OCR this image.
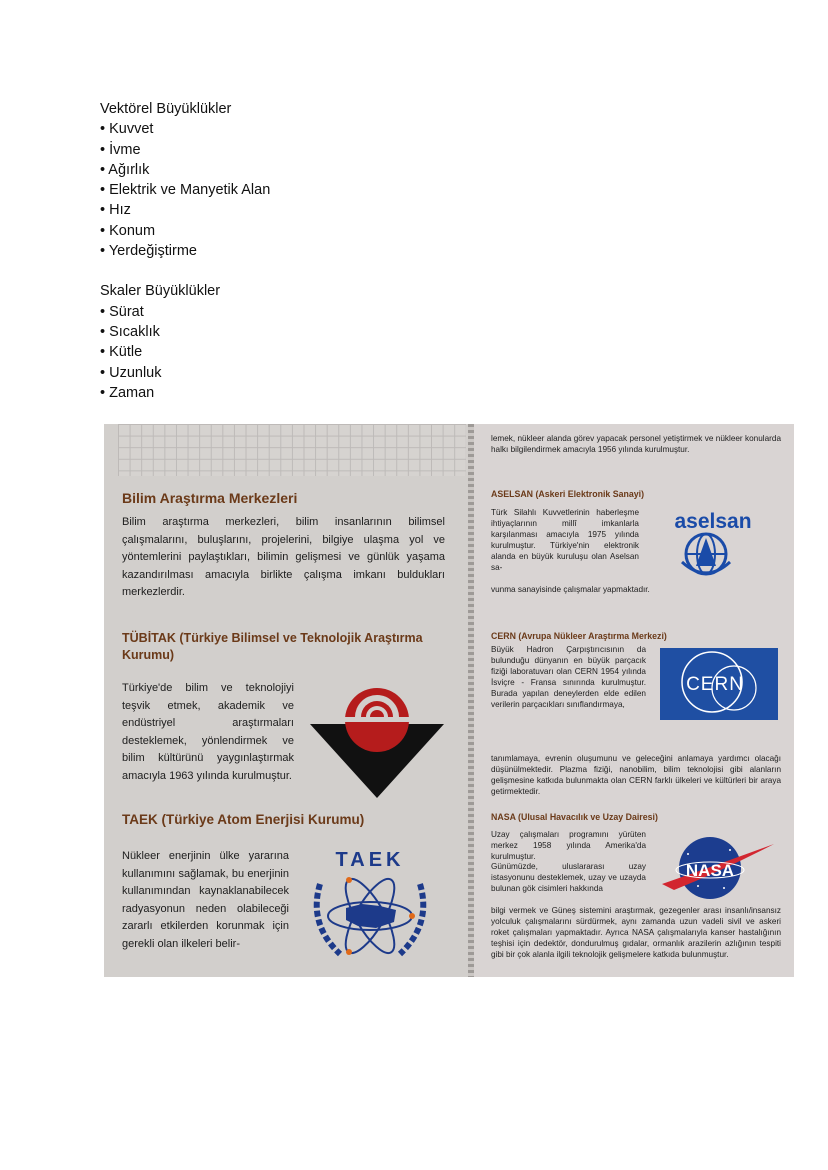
Vektörel Büyüklükler
• Kuvvet
• İvme
• Ağırlık
• Elektrik ve Manyetik Alan
• Hız
• Konum
• Yerdeğiştirme
Skaler Büyüklükler
• Sürat
• Sıcaklık
• Kütle
• Uzunluk
• Zaman
Bilim Araştırma Merkezleri
Bilim araştırma merkezleri, bilim insanlarının bilimsel çalışmalarını, buluşlarını, projelerini, bilgiye ulaşma yol ve yöntemlerini paylaştıkları, bilimin gelişmesi ve günlük yaşama kazandırılması amacıyla birlikte çalışma imkanı buldukları merkezlerdir.
TÜBİTAK (Türkiye Bilimsel ve Teknolojik Araştırma Kurumu)
Türkiye'de bilim ve teknolojiyi teşvik etmek, akademik ve endüstriyel araştırmaları desteklemek, yönlendirmek ve bilim kültürünü yaygınlaştırmak amacıyla 1963 yılında kurulmuştur.
TAEK (Türkiye Atom Enerjisi Kurumu)
Nükleer enerjinin ülke yararına kullanımını sağlamak, bu enerjinin kullanımından kaynaklanabilecek radyasyonun neden olabileceği zararlı etkilerden korunmak için gerekli olan ilkeleri belir-
TAEK
lemek, nükleer alanda görev yapacak personel yetiştirmek ve nükleer konularda halkı bilgilendirmek amacıyla 1956 yılında kurulmuştur.
ASELSAN (Askeri Elektronik Sanayi)
Türk Silahlı Kuvvetlerinin haberleşme ihtiyaçlarının millî imkanlarla karşılanması amacıyla 1975 yılında kurulmuştur. Türkiye'nin elektronik alanda en büyük kuruluşu olan Aselsan sa-
vunma sanayisinde çalışmalar yapmaktadır.
aselsan
CERN (Avrupa Nükleer Araştırma Merkezi)
Büyük Hadron Çarpıştırıcısının da bulunduğu dünyanın en büyük parçacık fiziği laboratuvarı olan CERN 1954 yılında İsviçre - Fransa sınırında kurulmuştur. Burada yapılan deneylerden elde edilen verilerin parçacıkları sınıflandırmaya,
tanımlamaya, evrenin oluşumunu ve geleceğini anlamaya yardımcı olacağı düşünülmektedir. Plazma fiziği, nanobilim, bilim teknolojisi gibi alanların gelişmesine katkıda bulunmakta olan CERN farklı ülkeleri ve kültürleri bir araya getirmektedir.
CERN
NASA (Ulusal Havacılık ve Uzay Dairesi)
Uzay çalışmaları programını yürüten merkez 1958 yılında Amerika'da kurulmuştur.
Günümüzde, uluslararası uzay istasyonunu desteklemek, uzay ve uzayda bulunan gök cisimleri hakkında
bilgi vermek ve Güneş sistemini araştırmak, gezegenler arası insanlı/insansız yolculuk çalışmalarını sürdürmek, aynı zamanda uzun vadeli sivil ve askeri roket çalışmaları yapmaktadır. Ayrıca NASA çalışmalarıyla kanser hastalığının teşhisi için dedektör, dondurulmuş gıdalar, ormanlık arazilerin azlığının tespiti gibi bir çok alanla ilgili teknolojik gelişmelere katkıda bulunmuştur.
NASA
